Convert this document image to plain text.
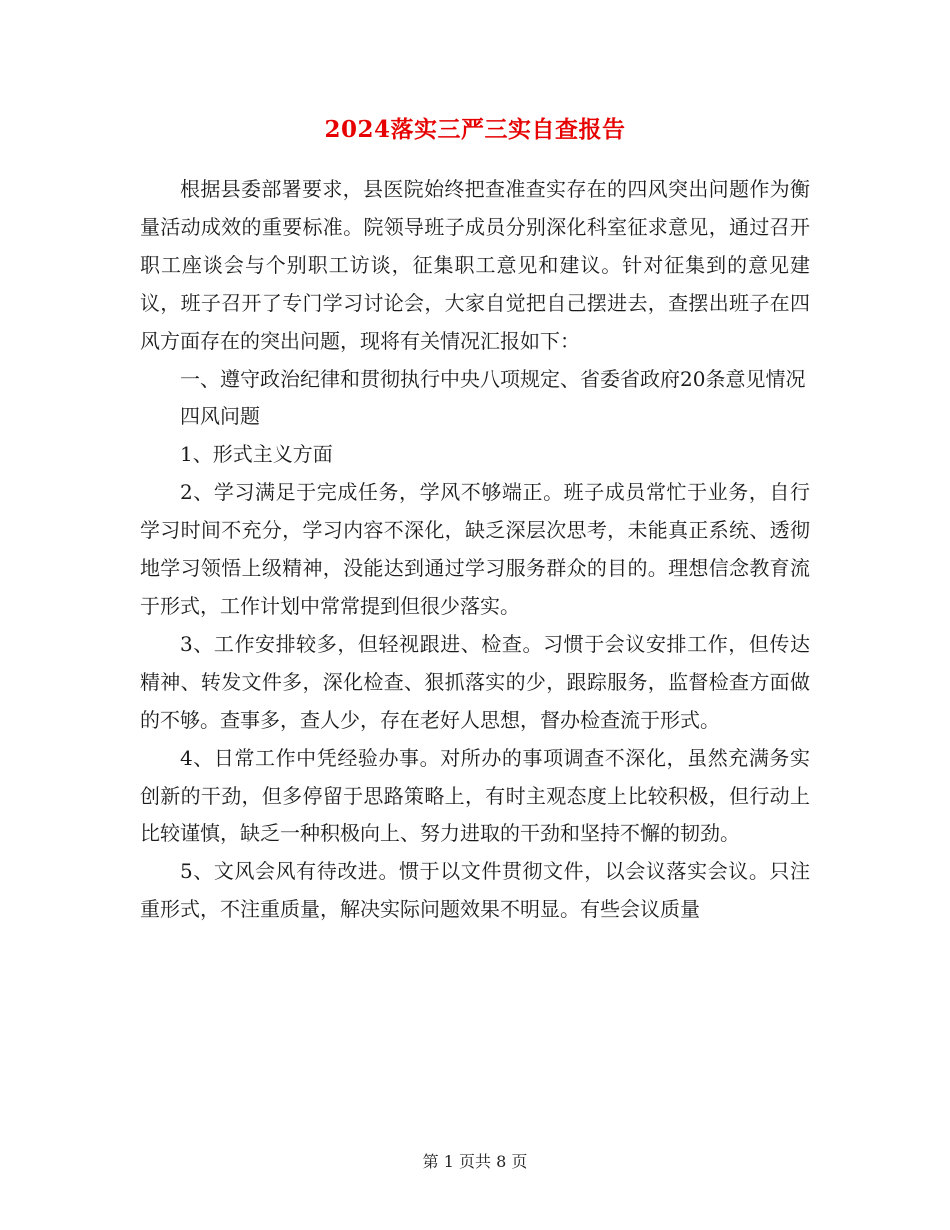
2024落实三严三实自查报告

根据县委部署要求，县医院始终把查准查实存在的四风突出问题作为衡量活动成效的重要标准。院领导班子成员分别深化科室征求意见，通过召开职工座谈会与个别职工访谈，征集职工意见和建议。针对征集到的意见建议，班子召开了专门学习讨论会，大家自觉把自己摆进去，查摆出班子在四风方面存在的突出问题，现将有关情况汇报如下：

一、遵守政治纪律和贯彻执行中央八项规定、省委省政府20条意见情况

四风问题

1、形式主义方面

2、学习满足于完成任务，学风不够端正。班子成员常忙于业务，自行学习时间不充分，学习内容不深化，缺乏深层次思考，未能真正系统、透彻地学习领悟上级精神，没能达到通过学习服务群众的目的。理想信念教育流于形式，工作计划中常常提到但很少落实。

3、工作安排较多，但轻视跟进、检查。习惯于会议安排工作，但传达精神、转发文件多，深化检查、狠抓落实的少，跟踪服务，监督检查方面做的不够。查事多，查人少，存在老好人思想，督办检查流于形式。

4、日常工作中凭经验办事。对所办的事项调查不深化，虽然充满务实创新的干劲，但多停留于思路策略上，有时主观态度上比较积极，但行动上比较谨慎，缺乏一种积极向上、努力进取的干劲和坚持不懈的韧劲。

5、文风会风有待改进。惯于以文件贯彻文件，以会议落实会议。只注重形式，不注重质量，解决实际问题效果不明显。有些会议质量

第 1 页共 8 页
